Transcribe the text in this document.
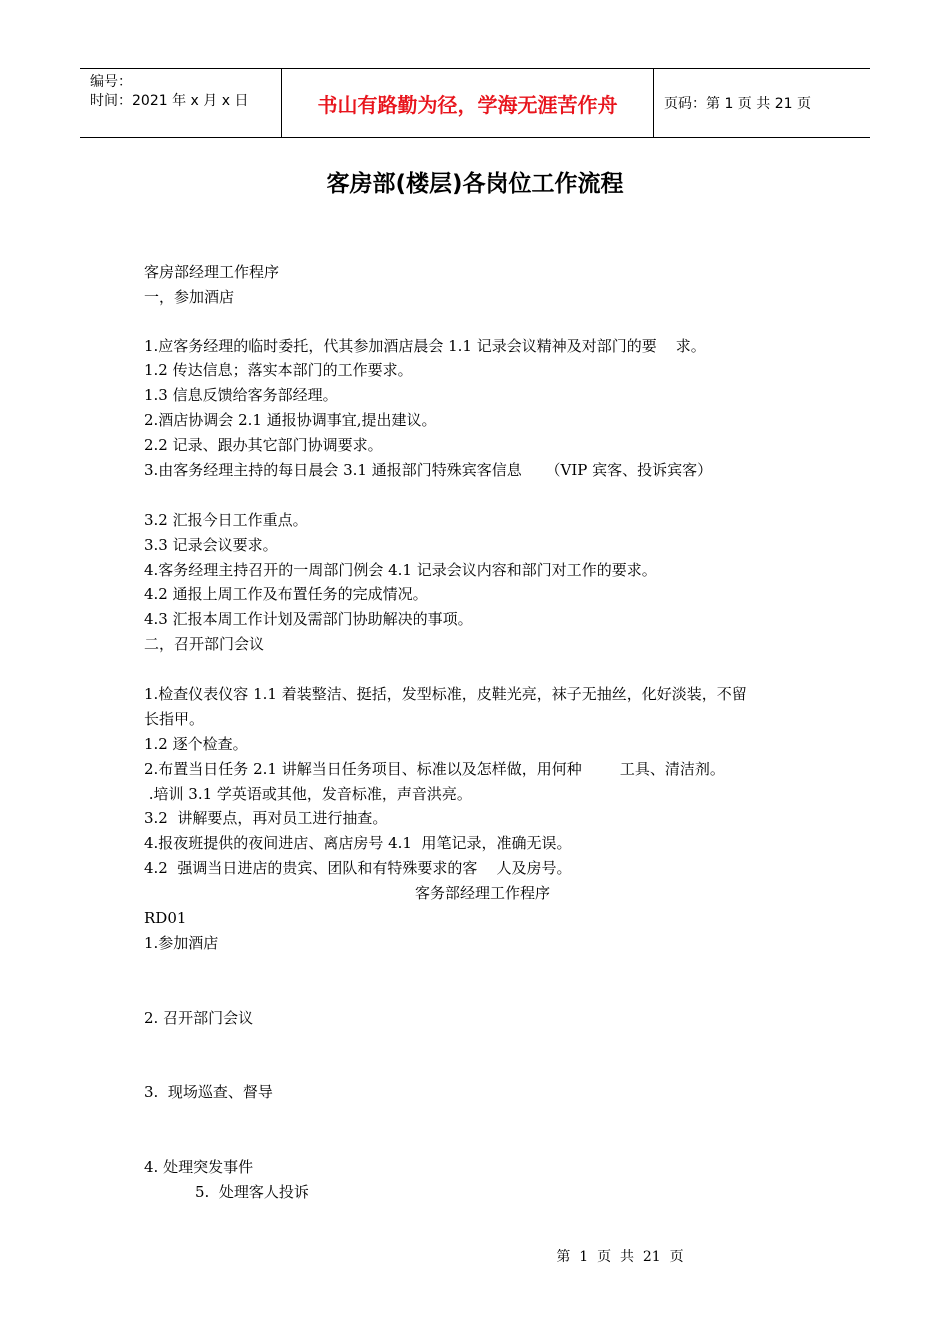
编号：
时间：2021 年 x 月 x 日	书山有路勤为径，学海无涯苦作舟	页码：第 1 页 共 21 页
客房部(楼层)各岗位工作流程
客房部经理工作程序
一，参加酒店
1.应客务经理的临时委托，代其参加酒店晨会 1.1 记录会议精神及对部门的要    求。
1.2 传达信息；落实本部门的工作要求。
1.3 信息反馈给客务部经理。
2.酒店协调会 2.1 通报协调事宜,提出建议。
2.2 记录、跟办其它部门协调要求。
3.由客务经理主持的每日晨会 3.1 通报部门特殊宾客信息     （VIP 宾客、投诉宾客）
3.2 汇报今日工作重点。
3.3 记录会议要求。
4.客务经理主持召开的一周部门例会 4.1 记录会议内容和部门对工作的要求。
4.2 通报上周工作及布置任务的完成情况。
4.3 汇报本周工作计划及需部门协助解决的事项。
二，召开部门会议
1.检查仪表仪容 1.1 着装整洁、挺括，发型标准，皮鞋光亮，袜子无抽丝，化好淡装，不留
长指甲。
1.2 逐个检查。
2.布置当日任务 2.1 讲解当日任务项目、标准以及怎样做，用何种        工具、清洁剂。
.培训 3.1 学英语或其他，发音标准，声音洪亮。
3.2  讲解要点，再对员工进行抽查。
4.报夜班提供的夜间进店、离店房号 4.1  用笔记录，准确无误。
4.2  强调当日进店的贵宾、团队和有特殊要求的客    人及房号。
客务部经理工作程序
RD01
1.参加酒店
2. 召开部门会议
3.  现场巡查、督导
4. 处理突发事件
5.  处理客人投诉
第  1  页  共  21  页
